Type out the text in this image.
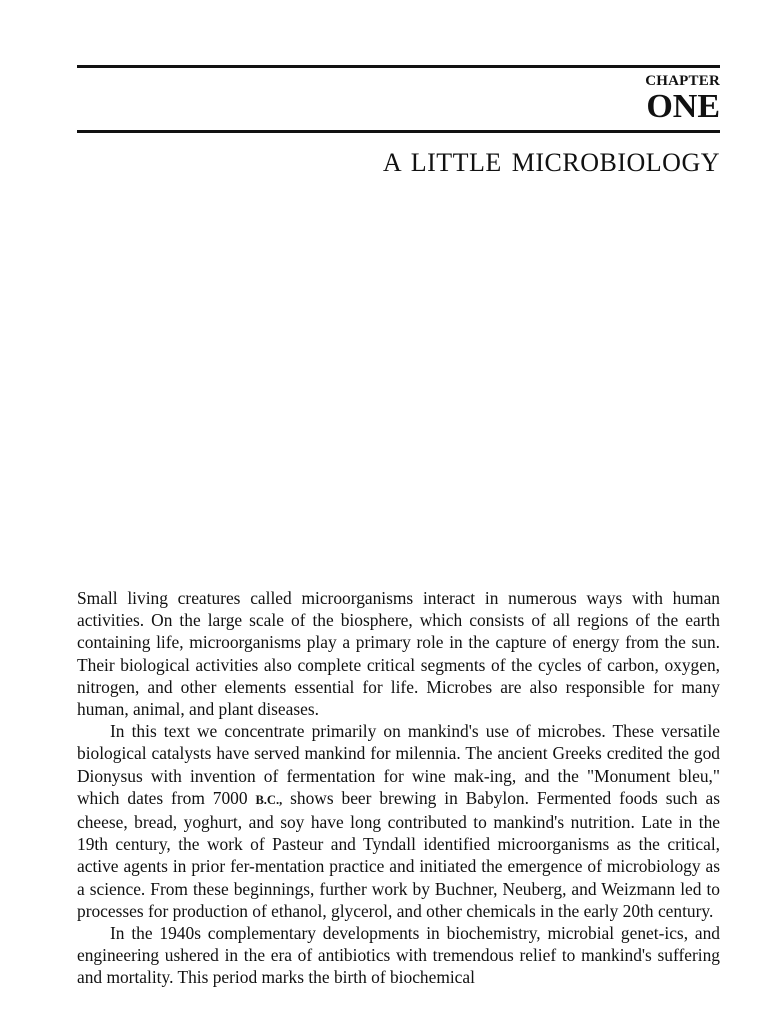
CHAPTER
ONE
A LITTLE MICROBIOLOGY

Small living creatures called microorganisms interact in numerous ways with human activities. On the large scale of the biosphere, which consists of all regions of the earth containing life, microorganisms play a primary role in the capture of energy from the sun. Their biological activities also complete critical segments of the cycles of carbon, oxygen, nitrogen, and other elements essential for life. Microbes are also responsible for many human, animal, and plant diseases.

In this text we concentrate primarily on mankind's use of microbes. These versatile biological catalysts have served mankind for milennia. The ancient Greeks credited the god Dionysus with invention of fermentation for wine mak-ing, and the "Monument bleu," which dates from 7000 B.C., shows beer brewing in Babylon. Fermented foods such as cheese, bread, yoghurt, and soy have long contributed to mankind's nutrition. Late in the 19th century, the work of Pasteur and Tyndall identified microorganisms as the critical, active agents in prior fer-mentation practice and initiated the emergence of microbiology as a science. From these beginnings, further work by Buchner, Neuberg, and Weizmann led to processes for production of ethanol, glycerol, and other chemicals in the early 20th century.

In the 1940s complementary developments in biochemistry, microbial genet-ics, and engineering ushered in the era of antibiotics with tremendous relief to mankind's suffering and mortality. This period marks the birth of biochemical
